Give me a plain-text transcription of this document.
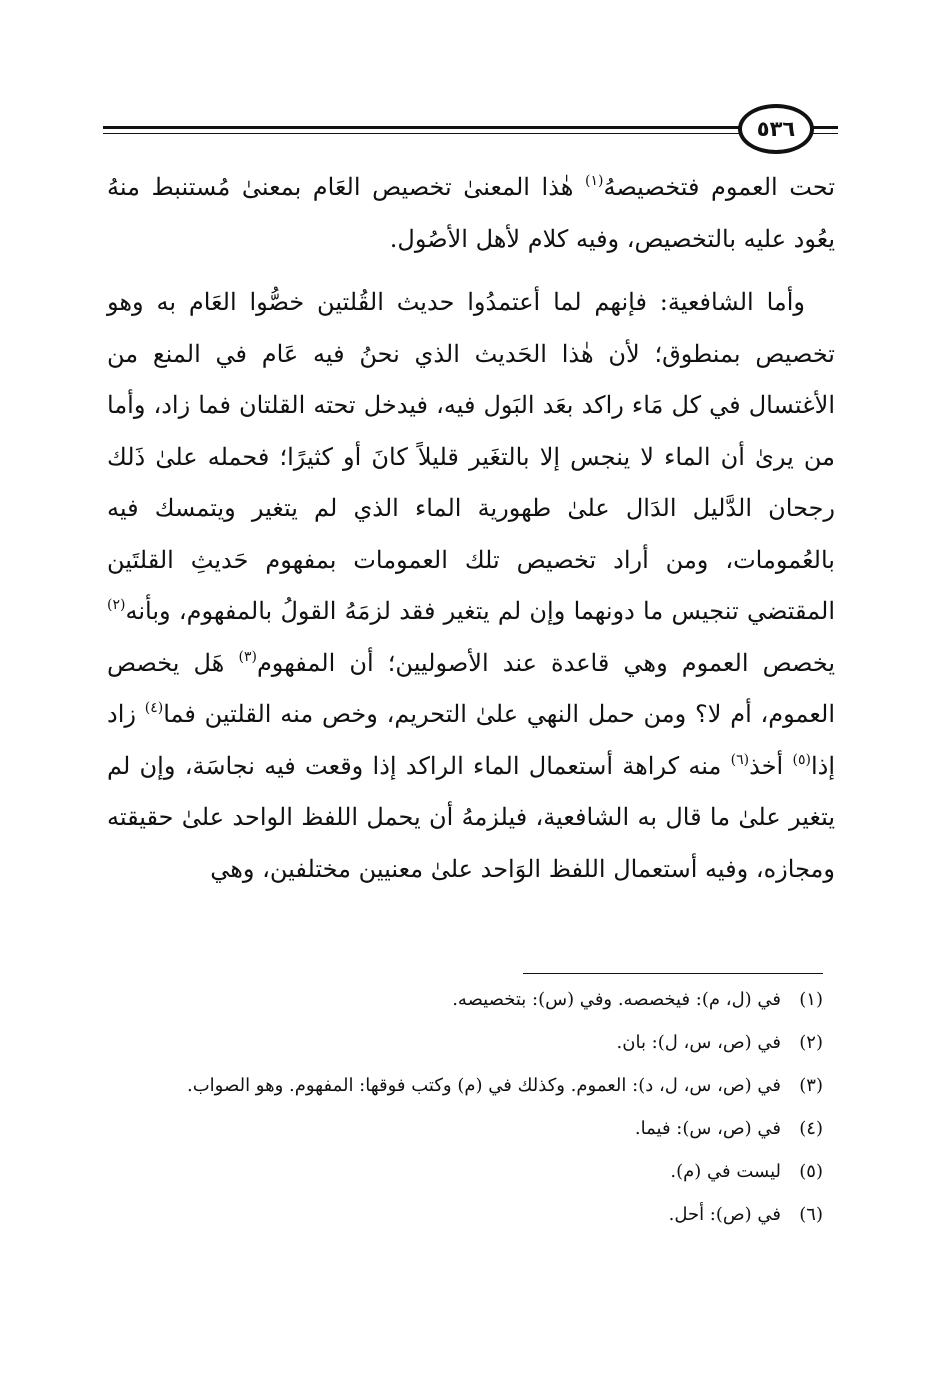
٥٣٦

تحت العموم فتخصيصهُ$^{(١)}$ هٰذا المعنىٰ تخصيص العَام بمعنىٰ مُستنبط منهُ يعُود عليه بالتخصيص، وفيه كلام لأهل الأصُول.

وأما الشافعية: فإنهم لما أعتمدُوا حديث القُلتين خصُّوا العَام به وهو تخصيص بمنطوق؛ لأن هٰذا الحَديث الذي نحنُ فيه عَام في المنع من الأغتسال في كل مَاء راكد بعَد البَول فيه، فيدخل تحته القلتان فما زاد، وأما من يرىٰ أن الماء لا ينجس إلا بالتغَير قليلاً كانَ أو كثيرًا؛ فحمله علىٰ ذَلك رجحان الدَّليل الدَال علىٰ طهورية الماء الذي لم يتغير ويتمسك فيه بالعُمومات، ومن أراد تخصيص تلك العمومات بمفهوم حَديثِ القلتَين المقتضي تنجيس ما دونهما وإن لم يتغير فقد لزمَهُ القولُ بالمفهوم، وبأنه$^{(٢)}$ يخصص العموم وهي قاعدة عند الأصوليين؛ أن المفهوم$^{(٣)}$ هَل يخصص العموم، أم لا؟ ومن حمل النهي علىٰ التحريم، وخص منه القلتين فما$^{(٤)}$ زاد إذا$^{(٥)}$ أخذ$^{(٦)}$ منه كراهة أستعمال الماء الراكد إذا وقعت فيه نجاسَة، وإن لم يتغير علىٰ ما قال به الشافعية، فيلزمهُ أن يحمل اللفظ الواحد علىٰ حقيقته ومجازه، وفيه أستعمال اللفظ الوَاحد علىٰ معنيين مختلفين، وهي

(١)
في (ل، م): فيخصصه. وفي (س): بتخصيصه.
(٢)
في (ص، س، ل): بان.
(٣)
في (ص، س، ل، د): العموم. وكذلك في (م) وكتب فوقها: المفهوم. وهو الصواب.
(٤)
في (ص، س): فيما.
(٥)
ليست في (م).
(٦)
في (ص): أحل.
